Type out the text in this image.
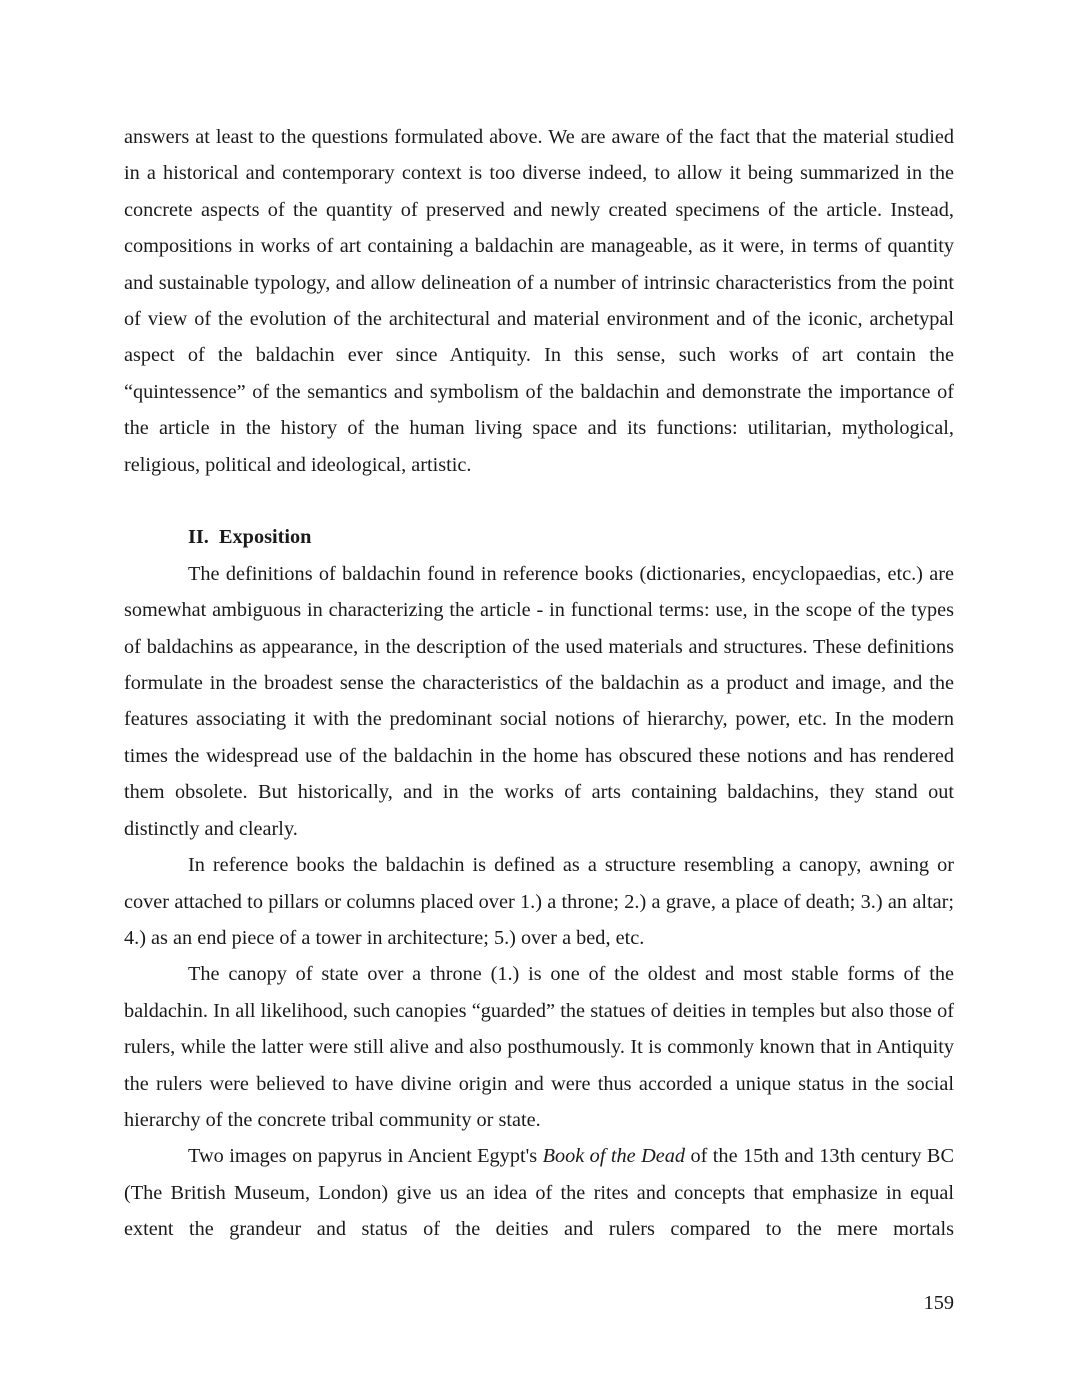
answers at least to the questions formulated above. We are aware of the fact that the material studied in a historical and contemporary context is too diverse indeed, to allow it being summarized in the concrete aspects of the quantity of preserved and newly created specimens of the article. Instead, compositions in works of art containing a baldachin are manageable, as it were, in terms of quantity and sustainable typology, and allow delineation of a number of intrinsic characteristics from the point of view of the evolution of the architectural and material environment and of the iconic, archetypal aspect of the baldachin ever since Antiquity. In this sense, such works of art contain the “quintessence” of the semantics and symbolism of the baldachin and demonstrate the importance of the article in the history of the human living space and its functions: utilitarian, mythological, religious, political and ideological, artistic.

II. Exposition

The definitions of baldachin found in reference books (dictionaries, encyclopaedias, etc.) are somewhat ambiguous in characterizing the article - in functional terms: use, in the scope of the types of baldachins as appearance, in the description of the used materials and structures. These definitions formulate in the broadest sense the characteristics of the baldachin as a product and image, and the features associating it with the predominant social notions of hierarchy, power, etc. In the modern times the widespread use of the baldachin in the home has obscured these notions and has rendered them obsolete. But historically, and in the works of arts containing baldachins, they stand out distinctly and clearly.

In reference books the baldachin is defined as a structure resembling a canopy, awning or cover attached to pillars or columns placed over 1.) a throne; 2.) a grave, a place of death; 3.) an altar; 4.) as an end piece of a tower in architecture; 5.) over a bed, etc.

The canopy of state over a throne (1.) is one of the oldest and most stable forms of the baldachin. In all likelihood, such canopies “guarded” the statues of deities in temples but also those of rulers, while the latter were still alive and also posthumously. It is commonly known that in Antiquity the rulers were believed to have divine origin and were thus accorded a unique status in the social hierarchy of the concrete tribal community or state.

Two images on papyrus in Ancient Egypt's Book of the Dead of the 15th and 13th century BC (The British Museum, London) give us an idea of the rites and concepts that emphasize in equal extent the grandeur and status of the deities and rulers compared to the mere mortals

159
